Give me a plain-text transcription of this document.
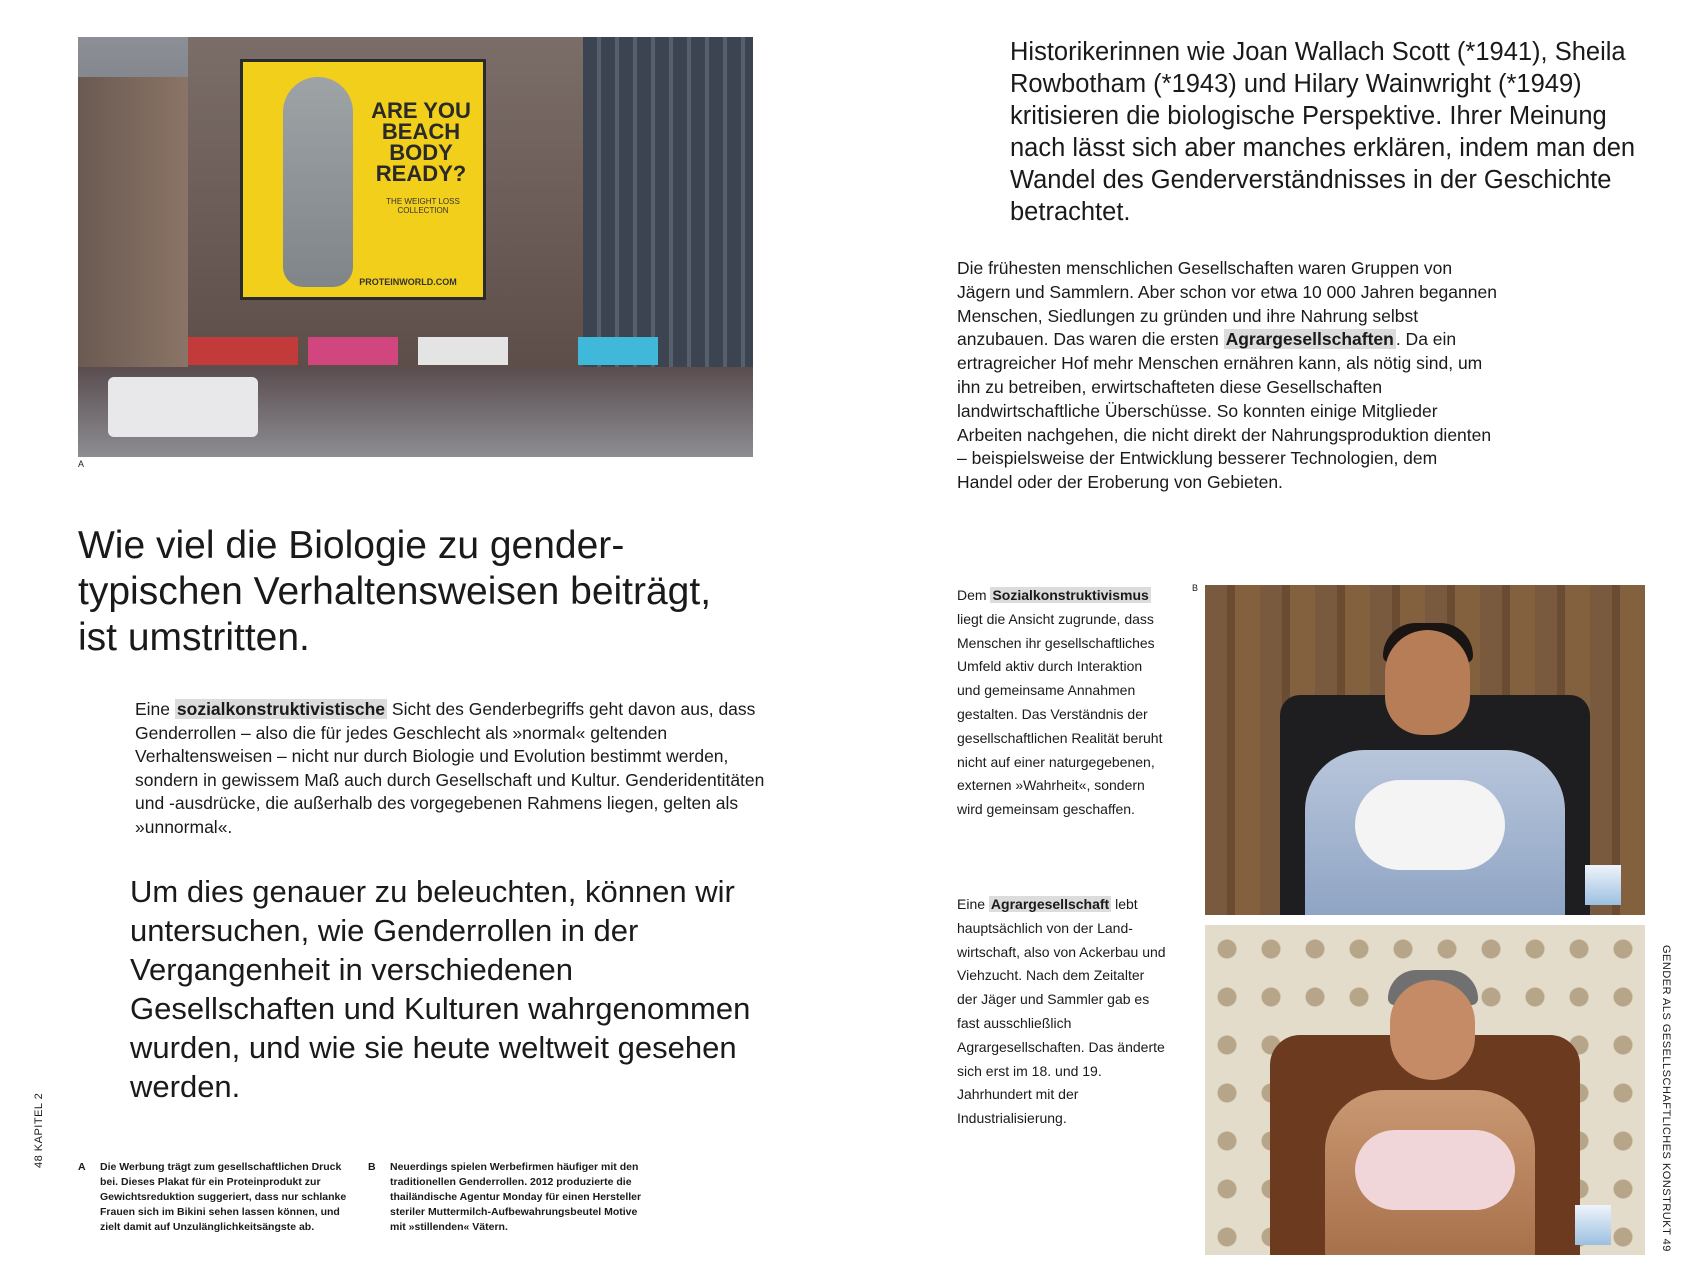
ARE YOU BEACH BODY READY?
THE WEIGHT LOSS COLLECTION
PROTEINWORLD.COM
A
Wie viel die Biologie zu gendertypischen Verhaltensweisen beiträgt, ist umstritten.
Eine sozialkonstruktivistische Sicht des Genderbegriffs geht davon aus, dass Genderrollen – also die für jedes Geschlecht als »normal« geltenden Verhaltensweisen – nicht nur durch Biologie und Evolution bestimmt werden, sondern in gewissem Maß auch durch Gesellschaft und Kultur. Genderidentitäten und -ausdrücke, die außerhalb des vorgegebenen Rahmens liegen, gelten als »unnormal«.
Um dies genauer zu beleuchten, können wir untersuchen, wie Genderrollen in der Vergangenheit in verschiedenen Gesellschaften und Kulturen wahrgenommen wurden, und wie sie heute weltweit gesehen werden.
A Die Werbung trägt zum gesellschaftlichen Druck bei. Dieses Plakat für ein Proteinprodukt zur Gewichtsreduktion suggeriert, dass nur schlanke Frauen sich im Bikini sehen lassen können, und zielt damit auf Unzulänglichkeitsängste ab.
B Neuerdings spielen Werbefirmen häufiger mit den traditionellen Genderrollen. 2012 produzierte die thailändische Agentur Monday für einen Hersteller steriler Muttermilch-Aufbewahrungsbeutel Motive mit »stillenden« Vätern.
48 KAPITEL 2
Historikerinnen wie Joan Wallach Scott (*1941), Sheila Rowbotham (*1943) und Hilary Wainwright (*1949) kritisieren die biologische Perspektive. Ihrer Meinung nach lässt sich aber manches erklären, indem man den Wandel des Genderverständnisses in der Geschichte betrachtet.
Die frühesten menschlichen Gesellschaften waren Gruppen von Jägern und Sammlern. Aber schon vor etwa 10 000 Jahren begannen Menschen, Siedlungen zu gründen und ihre Nahrung selbst anzubauen. Das waren die ersten Agrargesellschaften . Da ein ertragreicher Hof mehr Menschen ernähren kann, als nötig sind, um ihn zu betreiben, erwirtschafteten diese Gesellschaften landwirtschaftliche Überschüsse. So konnten einige Mitglieder Arbeiten nachgehen, die nicht direkt der Nahrungsproduktion dienten – beispielsweise der Entwicklung besserer Technologien, dem Handel oder der Eroberung von Gebieten.
Dem Sozialkonstruktivismus liegt die Ansicht zugrunde, dass Menschen ihr gesellschaftliches Umfeld aktiv durch Interaktion und gemeinsame Annahmen gestalten. Das Verständnis der gesellschaftlichen Realität beruht nicht auf einer naturgegebenen, externen »Wahrheit«, sondern wird gemeinsam geschaffen.
Eine Agrargesellschaft lebt hauptsächlich von der Landwirtschaft, also von Ackerbau und Viehzucht. Nach dem Zeitalter der Jäger und Sammler gab es fast ausschließlich Agrargesellschaften. Das änderte sich erst im 18. und 19. Jahrhundert mit der Industrialisierung.
B
GENDER ALS GESELLSCHAFTLICHES KONSTRUKT 49
